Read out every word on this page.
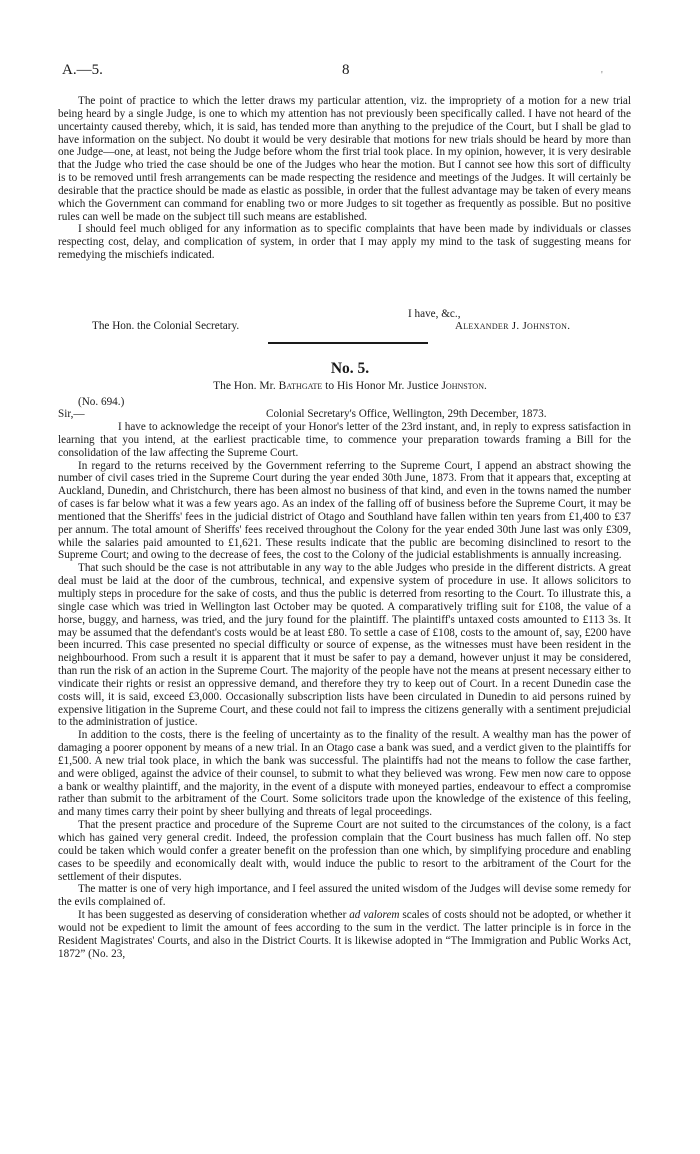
A.—5.	8	'

The point of practice to which the letter draws my particular attention, viz. the impropriety of a motion for a new trial being heard by a single Judge, is one to which my attention has not previously been specifically called. I have not heard of the uncertainty caused thereby, which, it is said, has tended more than anything to the prejudice of the Court, but I shall be glad to have information on the subject. No doubt it would be very desirable that motions for new trials should be heard by more than one Judge—one, at least, not being the Judge before whom the first trial took place. In my opinion, however, it is very desirable that the Judge who tried the case should be one of the Judges who hear the motion. But I cannot see how this sort of difficulty is to be removed until fresh arrangements can be made respecting the residence and meetings of the Judges. It will certainly be desirable that the practice should be made as elastic as possible, in order that the fullest advantage may be taken of every means which the Government can command for enabling two or more Judges to sit together as frequently as possible. But no positive rules can well be made on the subject till such means are established.

I should feel much obliged for any information as to specific complaints that have been made by individuals or classes respecting cost, delay, and complication of system, in order that I may apply my mind to the task of suggesting means for remedying the mischiefs indicated.

I have, &c.,
The Hon. the Colonial Secretary.	Alexander J. Johnston.
No. 5.
The Hon. Mr. Bathgate to His Honor Mr. Justice Johnston.
(No. 694.)
Sir,—	Colonial Secretary's Office, Wellington, 29th December, 1873.

I have to acknowledge the receipt of your Honor's letter of the 23rd instant, and, in reply to express satisfaction in learning that you intend, at the earliest practicable time, to commence your preparation towards framing a Bill for the consolidation of the law affecting the Supreme Court.

In regard to the returns received by the Government referring to the Supreme Court, I append an abstract showing the number of civil cases tried in the Supreme Court during the year ended 30th June, 1873. From that it appears that, excepting at Auckland, Dunedin, and Christchurch, there has been almost no business of that kind, and even in the towns named the number of cases is far below what it was a few years ago. As an index of the falling off of business before the Supreme Court, it may be mentioned that the Sheriffs' fees in the judicial district of Otago and Southland have fallen within ten years from £1,400 to £37 per annum. The total amount of Sheriffs' fees received throughout the Colony for the year ended 30th June last was only £309, while the salaries paid amounted to £1,621. These results indicate that the public are becoming disinclined to resort to the Supreme Court; and owing to the decrease of fees, the cost to the Colony of the judicial establishments is annually increasing.

That such should be the case is not attributable in any way to the able Judges who preside in the different districts. A great deal must be laid at the door of the cumbrous, technical, and expensive system of procedure in use. It allows solicitors to multiply steps in procedure for the sake of costs, and thus the public is deterred from resorting to the Court. To illustrate this, a single case which was tried in Wellington last October may be quoted. A comparatively trifling suit for £108, the value of a horse, buggy, and harness, was tried, and the jury found for the plaintiff. The plaintiff's untaxed costs amounted to £113 3s. It may be assumed that the defendant's costs would be at least £80. To settle a case of £108, costs to the amount of, say, £200 have been incurred. This case presented no special difficulty or source of expense, as the witnesses must have been resident in the neighbourhood. From such a result it is apparent that it must be safer to pay a demand, however unjust it may be considered, than run the risk of an action in the Supreme Court. The majority of the people have not the means at present necessary either to vindicate their rights or resist an oppressive demand, and therefore they try to keep out of Court. In a recent Dunedin case the costs will, it is said, exceed £3,000. Occasionally subscription lists have been circulated in Dunedin to aid persons ruined by expensive litigation in the Supreme Court, and these could not fail to impress the citizens generally with a sentiment prejudicial to the administration of justice.

In addition to the costs, there is the feeling of uncertainty as to the finality of the result. A wealthy man has the power of damaging a poorer opponent by means of a new trial. In an Otago case a bank was sued, and a verdict given to the plaintiffs for £1,500. A new trial took place, in which the bank was successful. The plaintiffs had not the means to follow the case farther, and were obliged, against the advice of their counsel, to submit to what they believed was wrong. Few men now care to oppose a bank or wealthy plaintiff, and the majority, in the event of a dispute with moneyed parties, endeavour to effect a compromise rather than submit to the arbitrament of the Court. Some solicitors trade upon the knowledge of the existence of this feeling, and many times carry their point by sheer bullying and threats of legal proceedings.

That the present practice and procedure of the Supreme Court are not suited to the circumstances of the colony, is a fact which has gained very general credit. Indeed, the profession complain that the Court business has much fallen off. No step could be taken which would confer a greater benefit on the profession than one which, by simplifying procedure and enabling cases to be speedily and economically dealt with, would induce the public to resort to the arbitrament of the Court for the settlement of their disputes.

The matter is one of very high importance, and I feel assured the united wisdom of the Judges will devise some remedy for the evils complained of.

It has been suggested as deserving of consideration whether ad valorem scales of costs should not be adopted, or whether it would not be expedient to limit the amount of fees according to the sum in the verdict. The latter principle is in force in the Resident Magistrates' Courts, and also in the District Courts. It is likewise adopted in “The Immigration and Public Works Act, 1872” (No. 23,
